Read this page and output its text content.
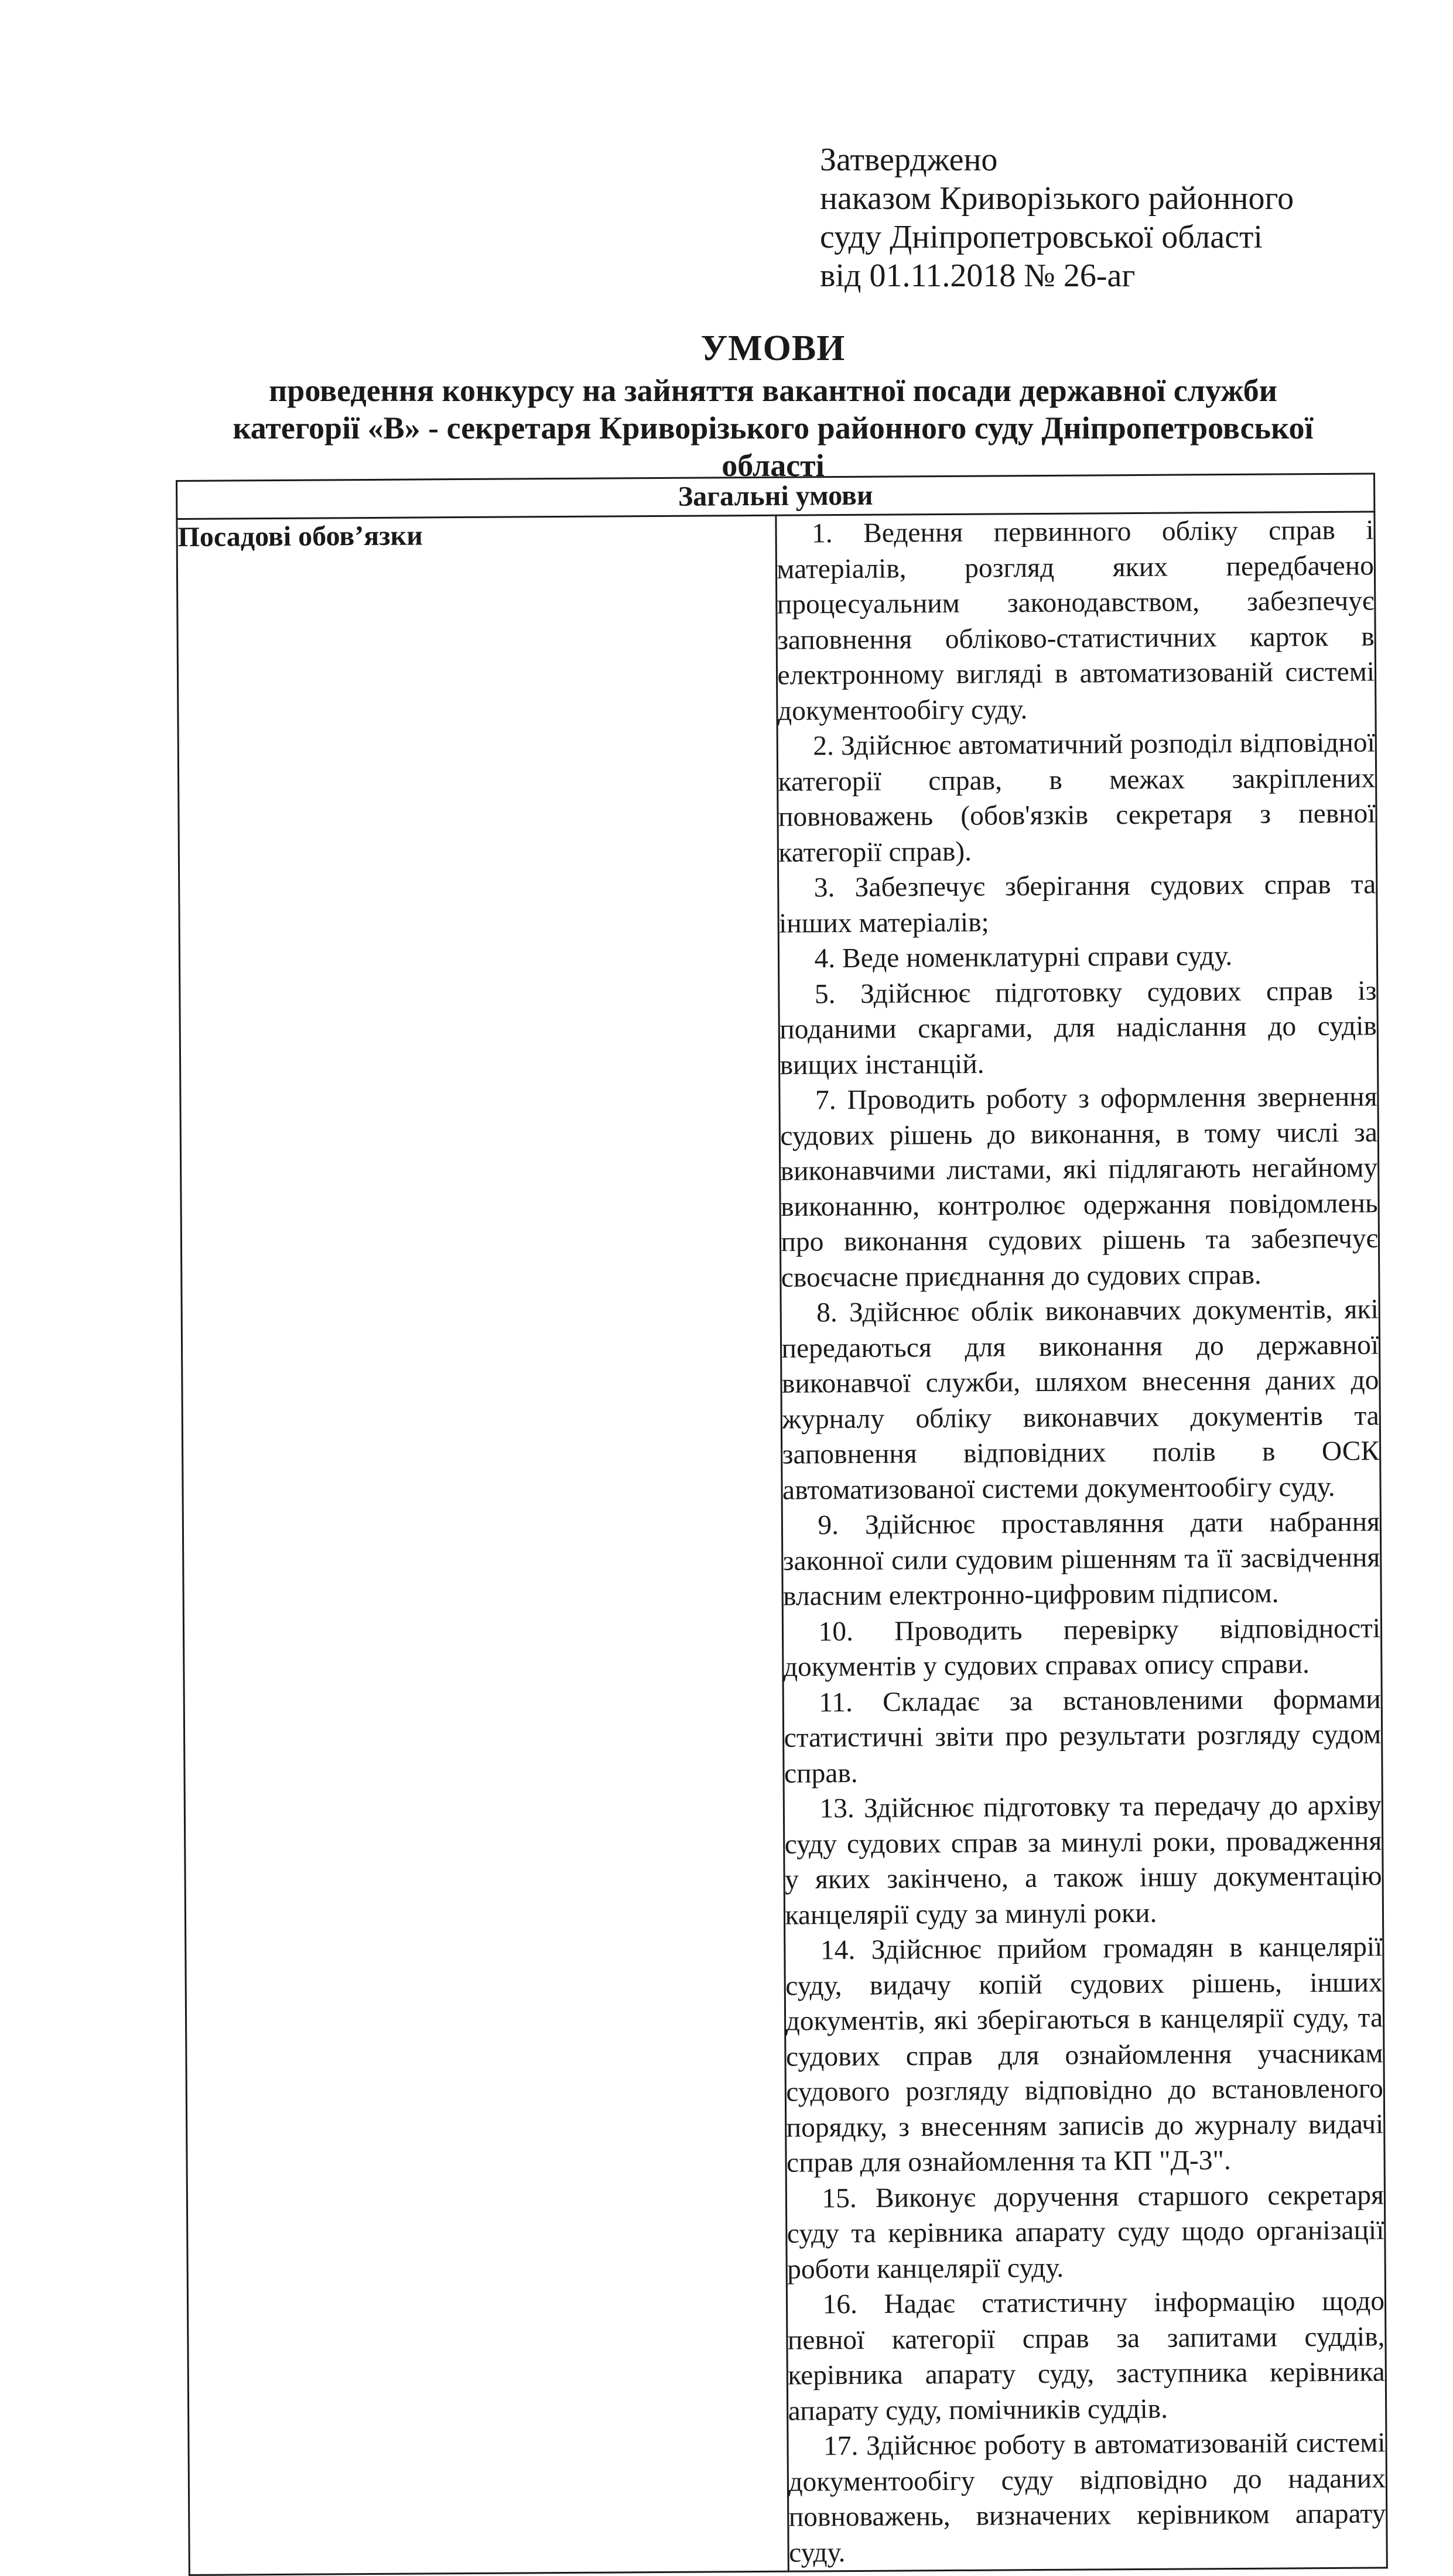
Затверджено
наказом Криворізького районного
суду Дніпропетровської області
від 01.11.2018 № 26-аг
УМОВИ
проведення конкурсу на зайняття вакантної посади державної служби
категорії «В» - секретаря Криворізького районного суду Дніпропетровської
області
Загальні умови
Посадові обов’язки	1. Ведення первинного обліку справ і матеріалів, розгляд яких передбачено процесуальним законодавством, забезпечує заповнення обліково-статистичних карток в електронному вигляді в автоматизованій системі документообігу суду.

2. Здійснює автоматичний розподіл відповідної категорії справ, в межах закріплених повноважень (обов'язків секретаря з певної категорії справ).

3. Забезпечує зберігання судових справ та інших матеріалів;

4. Веде номенклатурні справи суду.

5. Здійснює підготовку судових справ із поданими скаргами, для надіслання до судів вищих інстанцій.

7. Проводить роботу з оформлення звернення судових рішень до виконання, в тому числі за виконавчими листами, які підлягають негайному виконанню, контролює одержання повідомлень про виконання судових рішень та забезпечує своєчасне приєднання до судових справ.

8. Здійснює облік виконавчих документів, які передаються для виконання до державної виконавчої служби, шляхом внесення даних до журналу обліку виконавчих документів та заповнення відповідних полів в ОСК автоматизованої системи документообігу суду.

9. Здійснює проставляння дати набрання законної сили судовим рішенням та її засвідчення власним електронно-цифровим підписом.

10. Проводить перевірку відповідності документів у судових справах опису справи.

11. Складає за встановленими формами статистичні звіти про результати розгляду судом справ.

13. Здійснює підготовку та передачу до архіву суду судових справ за минулі роки, провадження у яких закінчено, а також іншу документацію канцелярії суду за минулі роки.

14. Здійснює прийом громадян в канцелярії суду, видачу копій судових рішень, інших документів, які зберігаються в канцелярії суду, та судових справ для ознайомлення учасникам судового розгляду відповідно до встановленого порядку, з внесенням записів до журналу видачі справ для ознайомлення та КП "Д-3".

15. Виконує доручення старшого секретаря суду та керівника апарату суду щодо організації роботи канцелярії суду.

16. Надає статистичну інформацію щодо певної категорії справ за запитами суддів, керівника апарату суду, заступника керівника апарату суду, помічників суддів.

17. Здійснює роботу в автоматизованій системі документообігу суду відповідно до наданих повноважень, визначених керівником апарату суду.
